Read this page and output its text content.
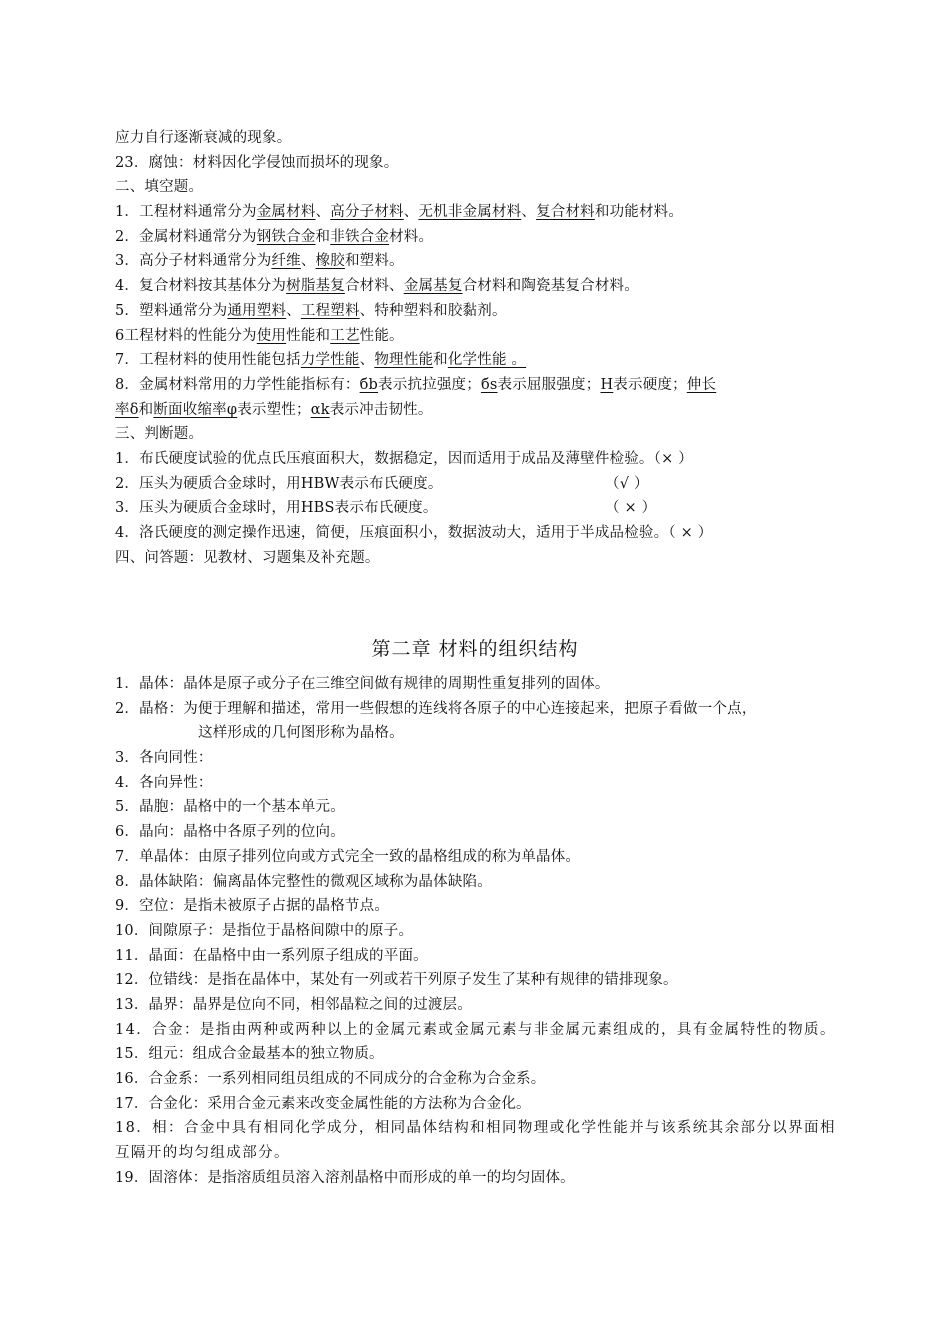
应力自行逐渐衰减的现象。
23．腐蚀：材料因化学侵蚀而损坏的现象。
二、填空题。
1．工程材料通常分为金属材料、高分子材料、无机非金属材料、复合材料和功能材料。
2．金属材料通常分为钢铁合金和非铁合金材料。
3．高分子材料通常分为纤维、橡胶和塑料。
4．复合材料按其基体分为树脂基复合材料、金属基复合材料和陶瓷基复合材料。
5．塑料通常分为通用塑料、工程塑料、特种塑料和胶黏剂。
6工程材料的性能分为使用性能和工艺性能。
7．工程材料的使用性能包括力学性能、物理性能和化学性能 。
8．金属材料常用的力学性能指标有：бb表示抗拉强度；бs表示屈服强度；H表示硬度；伸长
率δ和断面收缩率φ表示塑性；αk表示冲击韧性。
三、判断题。
1．布氏硬度试验的优点氏压痕面积大，数据稳定，因而适用于成品及薄壁件检验。（× ）
2．压头为硬质合金球时，用HBW表示布氏硬度。	（√ ）
3．压头为硬质合金球时，用HBS表示布氏硬度。	（ × ）
4．洛氏硬度的测定操作迅速，简便，压痕面积小，数据波动大，适用于半成品检验。（ × ）
四、问答题：见教材、习题集及补充题。
第二章 材料的组织结构
1．晶体：晶体是原子或分子在三维空间做有规律的周期性重复排列的固体。
2．晶格：为便于理解和描述，常用一些假想的连线将各原子的中心连接起来，把原子看做一个点，
这样形成的几何图形称为晶格。
3．各向同性：
4．各向异性：
5．晶胞：晶格中的一个基本单元。
6．晶向：晶格中各原子列的位向。
7．单晶体：由原子排列位向或方式完全一致的晶格组成的称为单晶体。
8．晶体缺陷：偏离晶体完整性的微观区域称为晶体缺陷。
9．空位：是指未被原子占据的晶格节点。
10．间隙原子：是指位于晶格间隙中的原子。
11．晶面：在晶格中由一系列原子组成的平面。
12．位错线：是指在晶体中，某处有一列或若干列原子发生了某种有规律的错排现象。
13．晶界：晶界是位向不同，相邻晶粒之间的过渡层。
14．合金：是指由两种或两种以上的金属元素或金属元素与非金属元素组成的，具有金属特性的物质。
15．组元：组成合金最基本的独立物质。
16．合金系：一系列相同组员组成的不同成分的合金称为合金系。
17．合金化：采用合金元素来改变金属性能的方法称为合金化。
18．相：合金中具有相同化学成分，相同晶体结构和相同物理或化学性能并与该系统其余部分以界面相互隔开的均匀组成部分。
19．固溶体：是指溶质组员溶入溶剂晶格中而形成的单一的均匀固体。
